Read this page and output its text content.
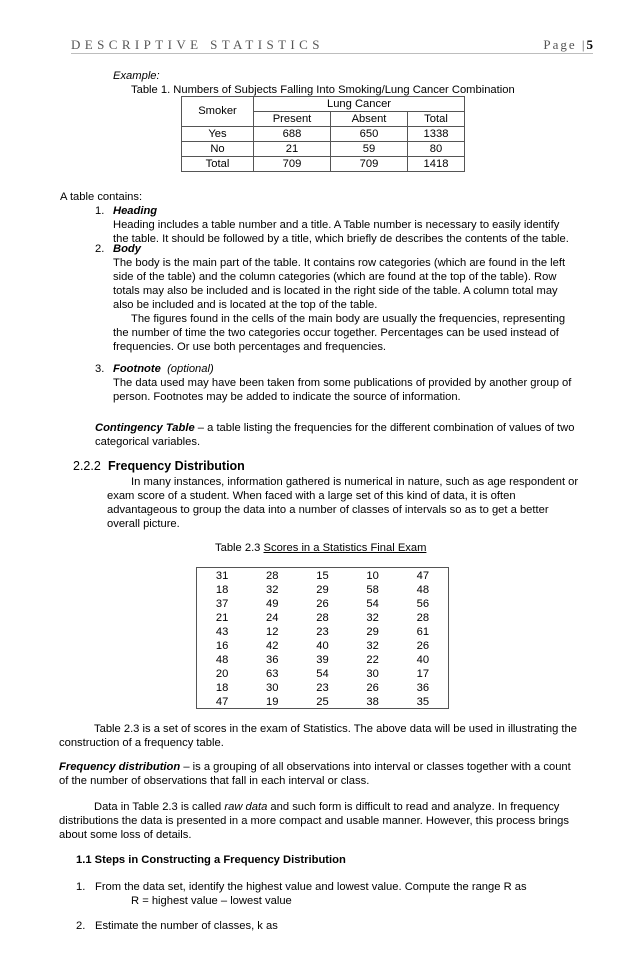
DESCRIPTIVE STATISTICS	Page |5
Example:
Table 1. Numbers of Subjects Falling Into Smoking/Lung Cancer Combination
Smoker	Lung Cancer		
	Present	Absent	Total
Yes	688	650	1338
No	21	59	80
Total	709	709	1418
A table contains:
1. Heading
Heading includes a table number and a title. A Table number is necessary to easily identify
the table. It should be followed by a title, which briefly de describes the contents of the table.
2. Body
The body is the main part of the table. It contains row categories (which are found in the left
side of the table) and the column categories (which are found at the top of the table). Row
totals may also be included and is located in the right side of the table. A column total may
also be included and is located at the top of the table.
The figures found in the cells of the main body are usually the frequencies, representing
the number of time the two categories occur together. Percentages can be used instead of
frequencies. Or use both percentages and frequencies.
3. Footnote (optional)
The data used may have been taken from some publications of provided by another group of
person. Footnotes may be added to indicate the source of information.
Contingency Table – a table listing the frequencies for the different combination of values of two
categorical variables.
2.2.2 Frequency Distribution
In many instances, information gathered is numerical in nature, such as age respondent or
exam score of a student. When faced with a large set of this kind of data, it is often
advantageous to group the data into a number of classes of intervals so as to get a better
overall picture.
Table 2.3 Scores in a Statistics Final Exam
31	28	15	10	47
18	32	29	58	48
37	49	26	54	56
21	24	28	32	28
43	12	23	29	61
16	42	40	32	26
48	36	39	22	40
20	63	54	30	17
18	30	23	26	36
47	19	25	38	35
Table 2.3 is a set of scores in the exam of Statistics. The above data will be used in illustrating the
construction of a frequency table.
Frequency distribution – is a grouping of all observations into interval or classes together with a count
of the number of observations that fall in each interval or class.
Data in Table 2.3 is called raw data and such form is difficult to read and analyze. In frequency
distributions the data is presented in a more compact and usable manner. However, this process brings
about some loss of details.
1.1 Steps in Constructing a Frequency Distribution
1. From the data set, identify the highest value and lowest value. Compute the range R as
R = highest value – lowest value
2. Estimate the number of classes, k as
